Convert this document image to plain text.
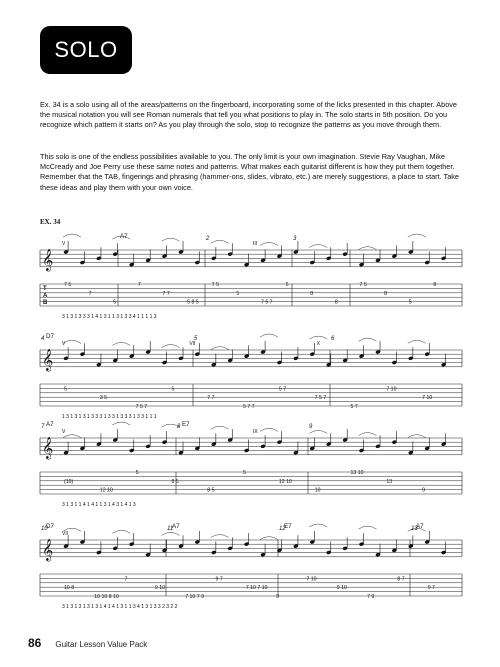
SOLO

Ex. 34 is a solo using all of the areas/patterns on the fingerboard, incorporating some of the licks presented in this chapter. Above the musical notation you will see Roman numerals that tell you what positions to play in. The solo starts in 5th position. Do you recognize which pattern it starts on? As you play through the solo, stop to recognize the patterns as you move through them.

This solo is one of the endless possibilities available to you. The only limit is your own imagination. Stevie Ray Vaughan, Mike McCready and Joe Perry use these same notes and patterns. What makes each guitarist different is how they put them together. Remember that the TAB, fingerings and phrasing (hammer-ons, slides, vibrato, etc.) are merely suggestions, a place to start. Take these ideas and play them with your own voice.

EX. 34
𝄞
T
A
B
2	3
A7
V	III
7 5
7
5
7
7 7
5 8 5
7 5
5
7 5 7
5
8
8
7 5
8
5
8
3 1 3 1 3 3 3 1 4 1 3 1 1 3 1 3 3 4 1 1 1 1 3
𝄞
4	5	6
D7
V	VII	X
5
3 5
7 5 7
5
7 7
5 7 7
5 7
7 5 7
5 7
7 10
7 10
1 3 1 3 1 3 1 3 3 3 1 3 3 1 3 3 3 1 3 3 1 1 1
𝄞
7	8	9
A7	E7
V	IX
(10)
12 10
5
8 5
8 5
5
12 10
10
13 10
13
9
3 1 3 1 1 4 1 4 1 1 3 1 4 3 1 4 1 3
𝄞
10	11	12	13
D7	A7	E7	A7
VII
10 8
10 10 8 10
7
9 10
7 10 7 9
9 7
7 10 7 10
9
7 10
9 10
7 9
8 7
9 7
3 1 3 1 3 1 3 1 3 1 4 1 4 1 3 1 1 3 4 1 3 1 3 3 2 3 2 2
86 Guitar Lesson Value Pack
